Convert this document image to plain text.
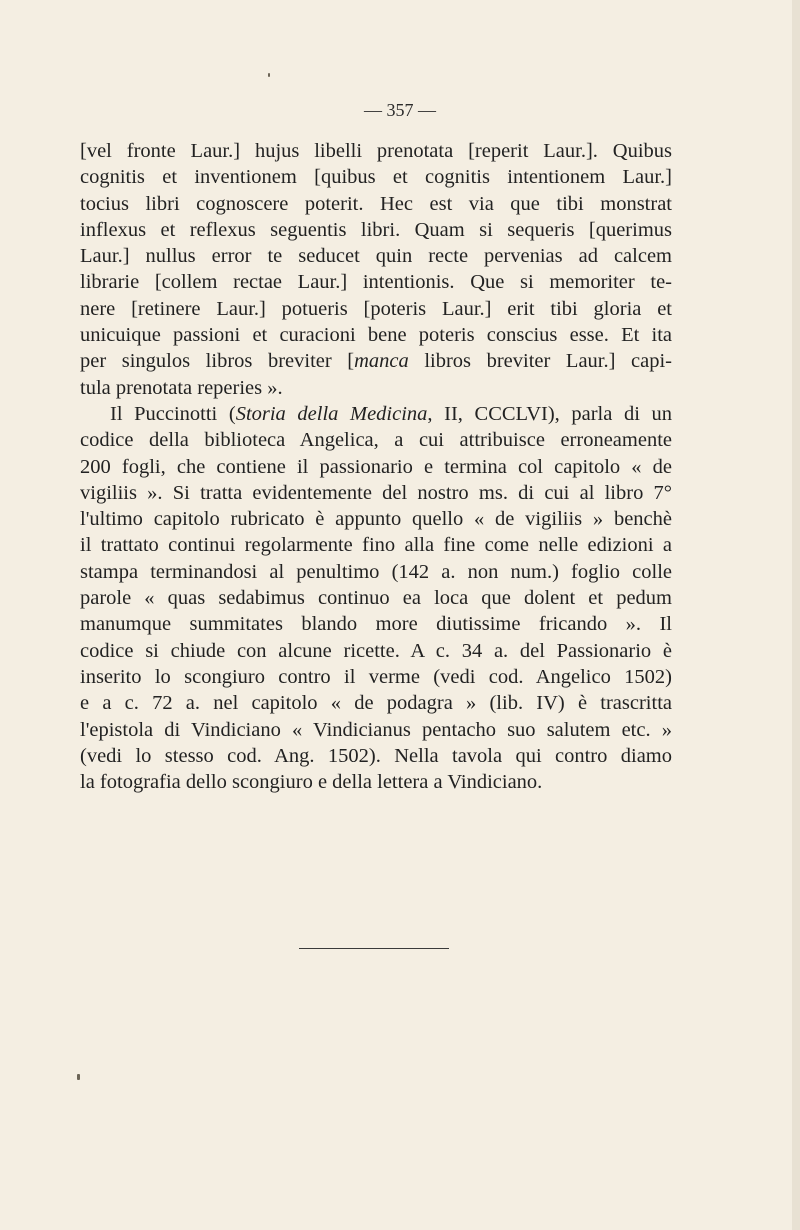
— 357 —
[vel fronte Laur.] hujus libelli prenotata [reperit Laur.]. Quibus
cognitis et inventionem [quibus et cognitis intentionem Laur.]
tocius libri cognoscere poterit. Hec est via que tibi monstrat
inflexus et reflexus seguentis libri. Quam si sequeris [querimus
Laur.] nullus error te seducet quin recte pervenias ad calcem
librarie [collem rectae Laur.] intentionis. Que si memoriter te-
nere [retinere Laur.] potueris [poteris Laur.] erit tibi gloria et
unicuique passioni et curacioni bene poteris conscius esse. Et ita
per singulos libros breviter [manca libros breviter Laur.] capi-
tula prenotata reperies ».
Il Puccinotti (Storia della Medicina, II, CCCLVI), parla di un
codice della biblioteca Angelica, a cui attribuisce erroneamente
200 fogli, che contiene il passionario e termina col capitolo « de
vigiliis ». Si tratta evidentemente del nostro ms. di cui al libro 7°
l'ultimo capitolo rubricato è appunto quello « de vigiliis » benchè
il trattato continui regolarmente fino alla fine come nelle edizioni a
stampa terminandosi al penultimo (142 a. non num.) foglio colle
parole « quas sedabimus continuo ea loca que dolent et pedum
manumque summitates blando more diutissime fricando ». Il
codice si chiude con alcune ricette. A c. 34 a. del Passionario è
inserito lo scongiuro contro il verme (vedi cod. Angelico 1502)
e a c. 72 a. nel capitolo « de podagra » (lib. IV) è trascritta
l'epistola di Vindiciano « Vindicianus pentacho suo salutem etc. »
(vedi lo stesso cod. Ang. 1502). Nella tavola qui contro diamo
la fotografia dello scongiuro e della lettera a Vindiciano.
